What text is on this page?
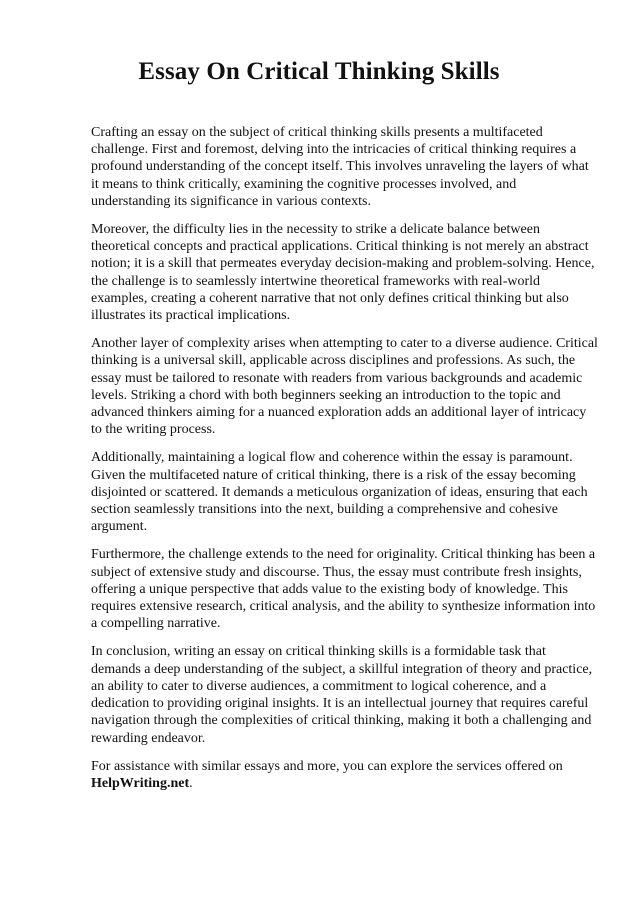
Essay On Critical Thinking Skills

Crafting an essay on the subject of critical thinking skills presents a multifaceted challenge. First and foremost, delving into the intricacies of critical thinking requires a profound understanding of the concept itself. This involves unraveling the layers of what it means to think critically, examining the cognitive processes involved, and understanding its significance in various contexts.

Moreover, the difficulty lies in the necessity to strike a delicate balance between theoretical concepts and practical applications. Critical thinking is not merely an abstract notion; it is a skill that permeates everyday decision-making and problem-solving. Hence, the challenge is to seamlessly intertwine theoretical frameworks with real-world examples, creating a coherent narrative that not only defines critical thinking but also illustrates its practical implications.

Another layer of complexity arises when attempting to cater to a diverse audience. Critical thinking is a universal skill, applicable across disciplines and professions. As such, the essay must be tailored to resonate with readers from various backgrounds and academic levels. Striking a chord with both beginners seeking an introduction to the topic and advanced thinkers aiming for a nuanced exploration adds an additional layer of intricacy to the writing process.

Additionally, maintaining a logical flow and coherence within the essay is paramount. Given the multifaceted nature of critical thinking, there is a risk of the essay becoming disjointed or scattered. It demands a meticulous organization of ideas, ensuring that each section seamlessly transitions into the next, building a comprehensive and cohesive argument.

Furthermore, the challenge extends to the need for originality. Critical thinking has been a subject of extensive study and discourse. Thus, the essay must contribute fresh insights, offering a unique perspective that adds value to the existing body of knowledge. This requires extensive research, critical analysis, and the ability to synthesize information into a compelling narrative.

In conclusion, writing an essay on critical thinking skills is a formidable task that demands a deep understanding of the subject, a skillful integration of theory and practice, an ability to cater to diverse audiences, a commitment to logical coherence, and a dedication to providing original insights. It is an intellectual journey that requires careful navigation through the complexities of critical thinking, making it both a challenging and rewarding endeavor.

For assistance with similar essays and more, you can explore the services offered on
HelpWriting.net.
